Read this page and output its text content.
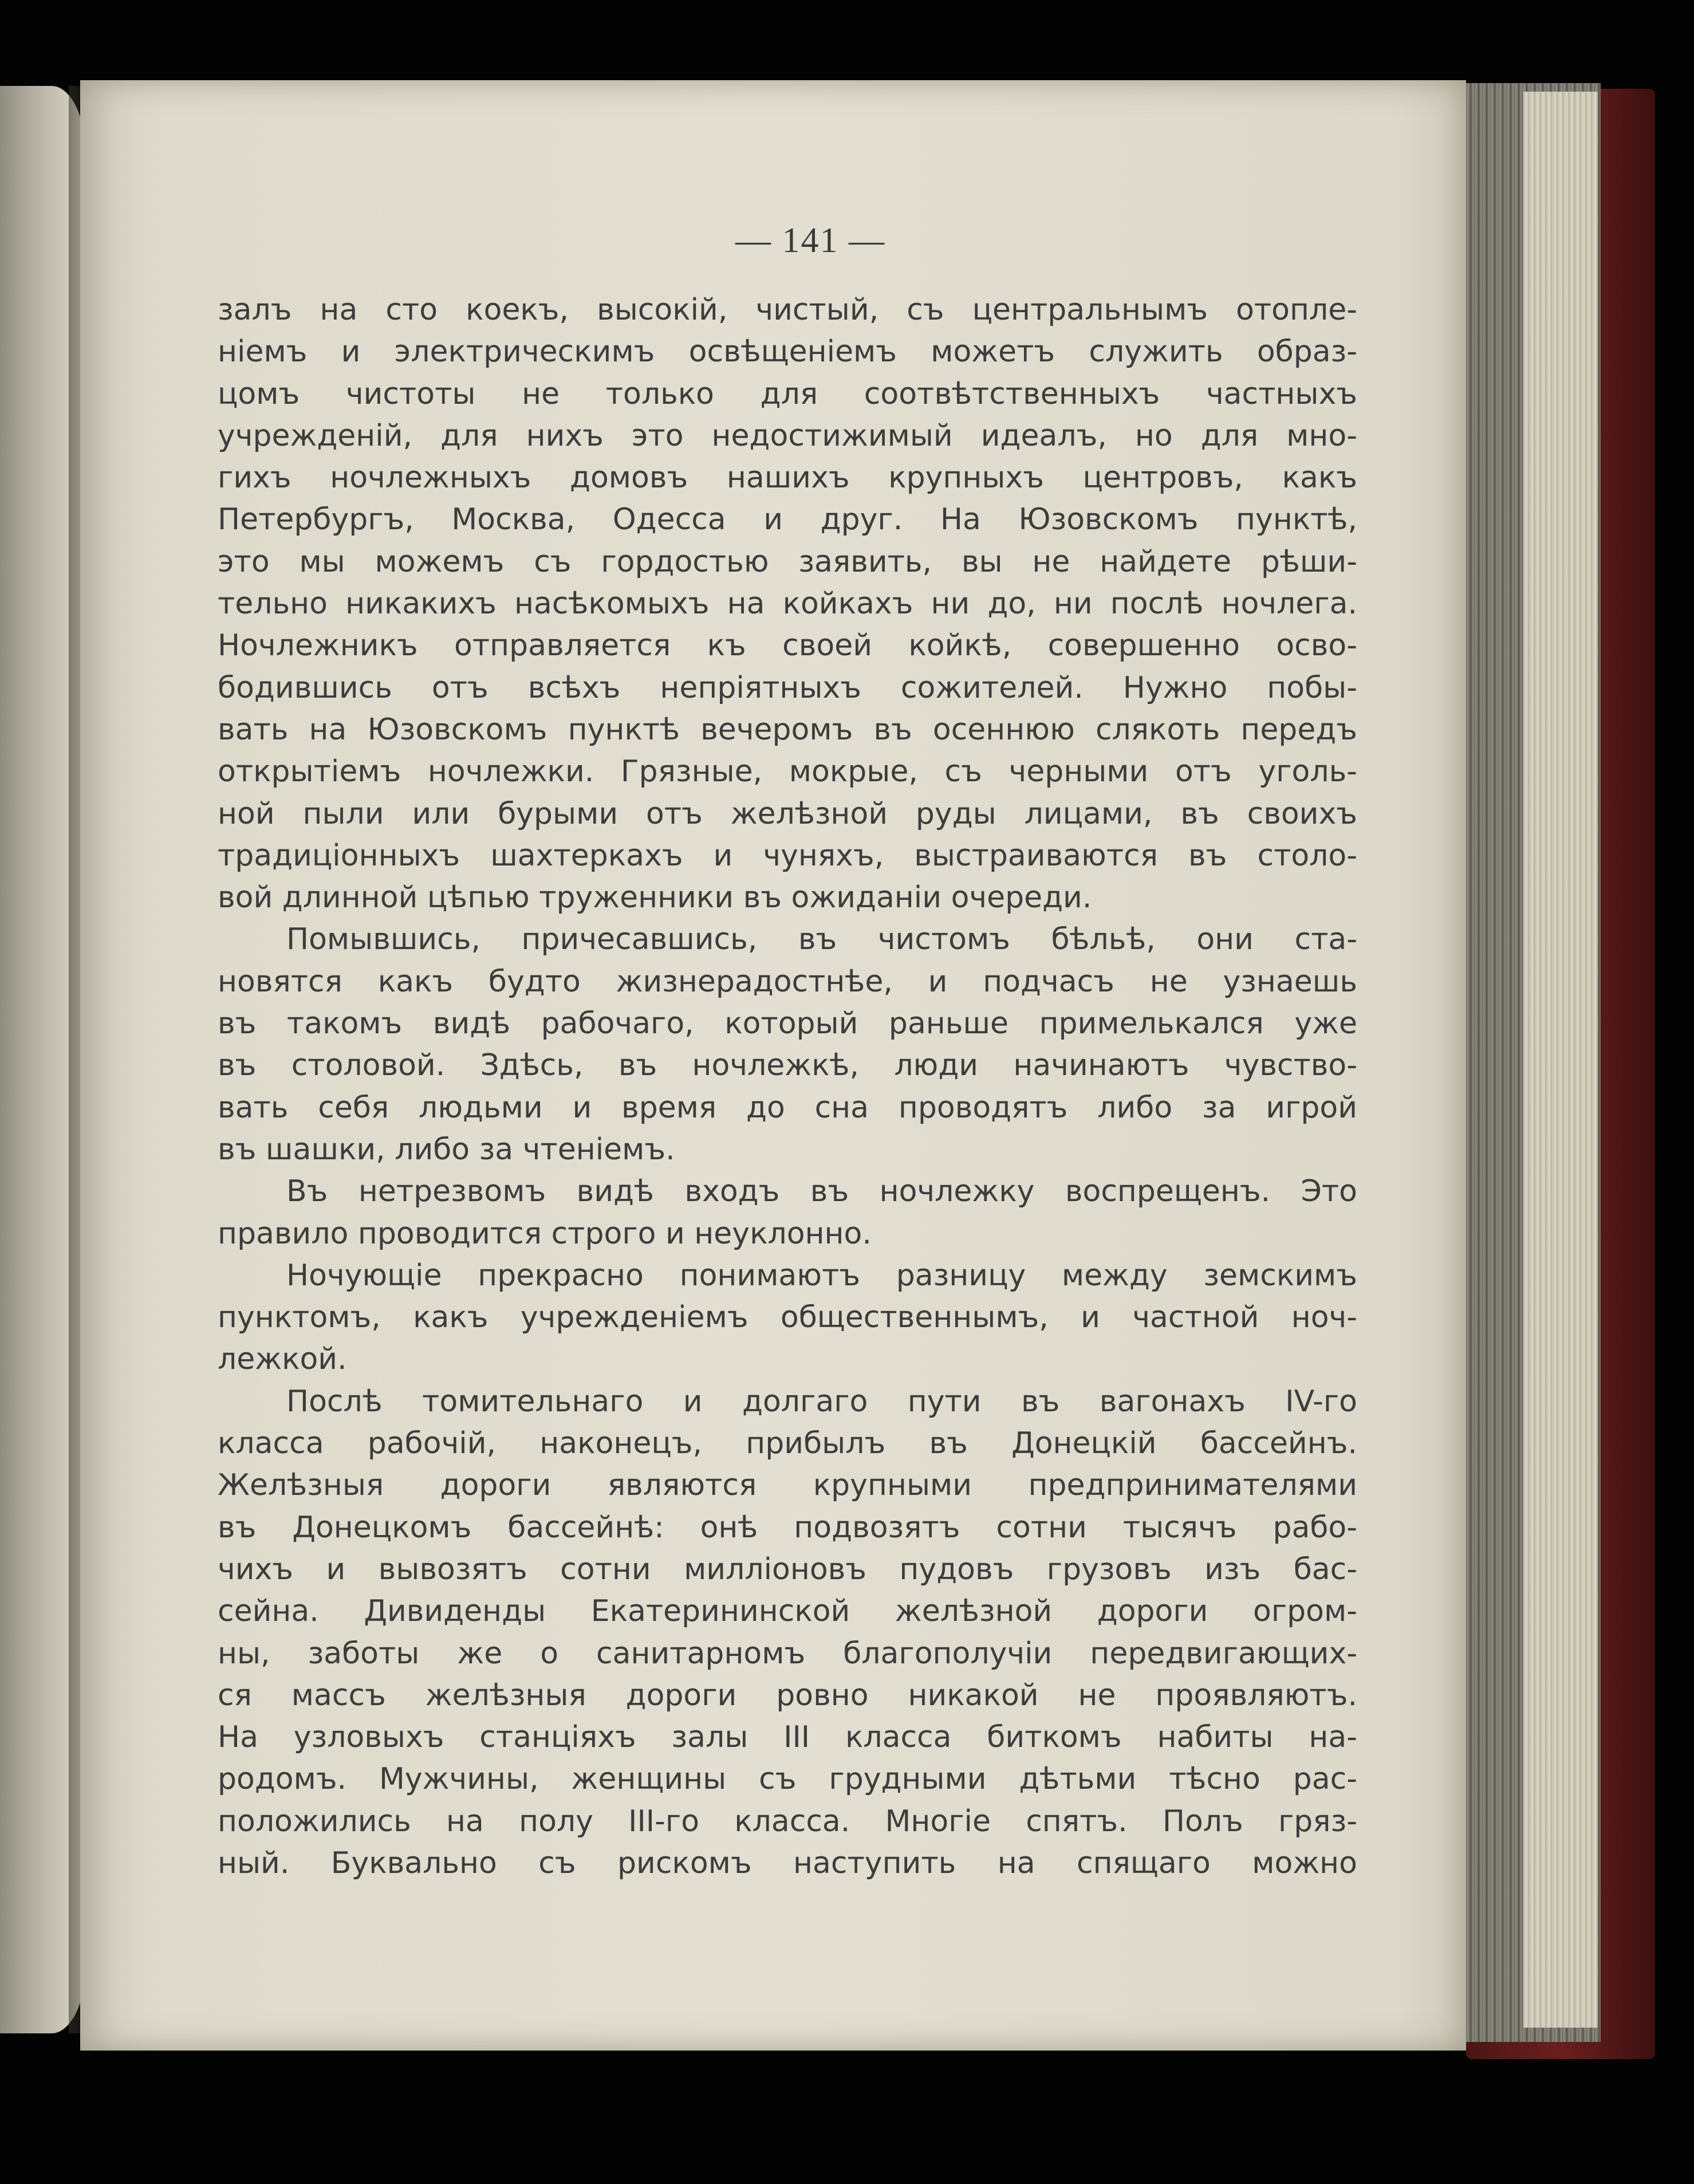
— 141 —
залъ на сто коекъ, высокій, чистый, съ центральнымъ отопле-
ніемъ и электрическимъ освѣщеніемъ можетъ служить образ-
цомъ чистоты не только для соотвѣтственныхъ частныхъ
учрежденій, для нихъ это недостижимый идеалъ, но для мно-
гихъ ночлежныхъ домовъ нашихъ крупныхъ центровъ, какъ
Петербургъ, Москва, Одесса и друг. На Юзовскомъ пунктѣ,
это мы можемъ съ гордостью заявить, вы не найдете рѣши-
тельно никакихъ насѣкомыхъ на койкахъ ни до, ни послѣ ночлега.
Ночлежникъ отправляется къ своей койкѣ, совершенно осво-
бодившись отъ всѣхъ непріятныхъ сожителей. Нужно побы-
вать на Юзовскомъ пунктѣ вечеромъ въ осеннюю слякоть передъ
открытіемъ ночлежки. Грязные, мокрые, съ черными отъ уголь-
ной пыли или бурыми отъ желѣзной руды лицами, въ своихъ
традиціонныхъ шахтеркахъ и чуняхъ, выстраиваются въ столо-
вой длинной цѣпью труженники въ ожиданіи очереди.
Помывшись, причесавшись, въ чистомъ бѣльѣ, они ста-
новятся какъ будто жизнерадостнѣе, и подчасъ не узнаешь
въ такомъ видѣ рабочаго, который раньше примелькался уже
въ столовой. Здѣсь, въ ночлежкѣ, люди начинаютъ чувство-
вать себя людьми и время до сна проводятъ либо за игрой
въ шашки, либо за чтеніемъ.
Въ нетрезвомъ видѣ входъ въ ночлежку воспрещенъ. Это
правило проводится строго и неуклонно.
Ночующіе прекрасно понимаютъ разницу между земскимъ
пунктомъ, какъ учрежденіемъ общественнымъ, и частной ноч-
лежкой.
Послѣ томительнаго и долгаго пути въ вагонахъ IV-го
класса рабочій, наконецъ, прибылъ въ Донецкій бассейнъ.
Желѣзныя дороги являются крупными предпринимателями
въ Донецкомъ бассейнѣ: онѣ подвозятъ сотни тысячъ рабо-
чихъ и вывозятъ сотни милліоновъ пудовъ грузовъ изъ бас-
сейна. Дивиденды Екатерининской желѣзной дороги огром-
ны, заботы же о санитарномъ благополучіи передвигающих-
ся массъ желѣзныя дороги ровно никакой не проявляютъ.
На узловыхъ станціяхъ залы III класса биткомъ набиты на-
родомъ. Мужчины, женщины съ грудными дѣтьми тѣсно рас-
положились на полу III-го класса. Многіе спятъ. Полъ гряз-
ный. Буквально съ рискомъ наступить на спящаго можно
